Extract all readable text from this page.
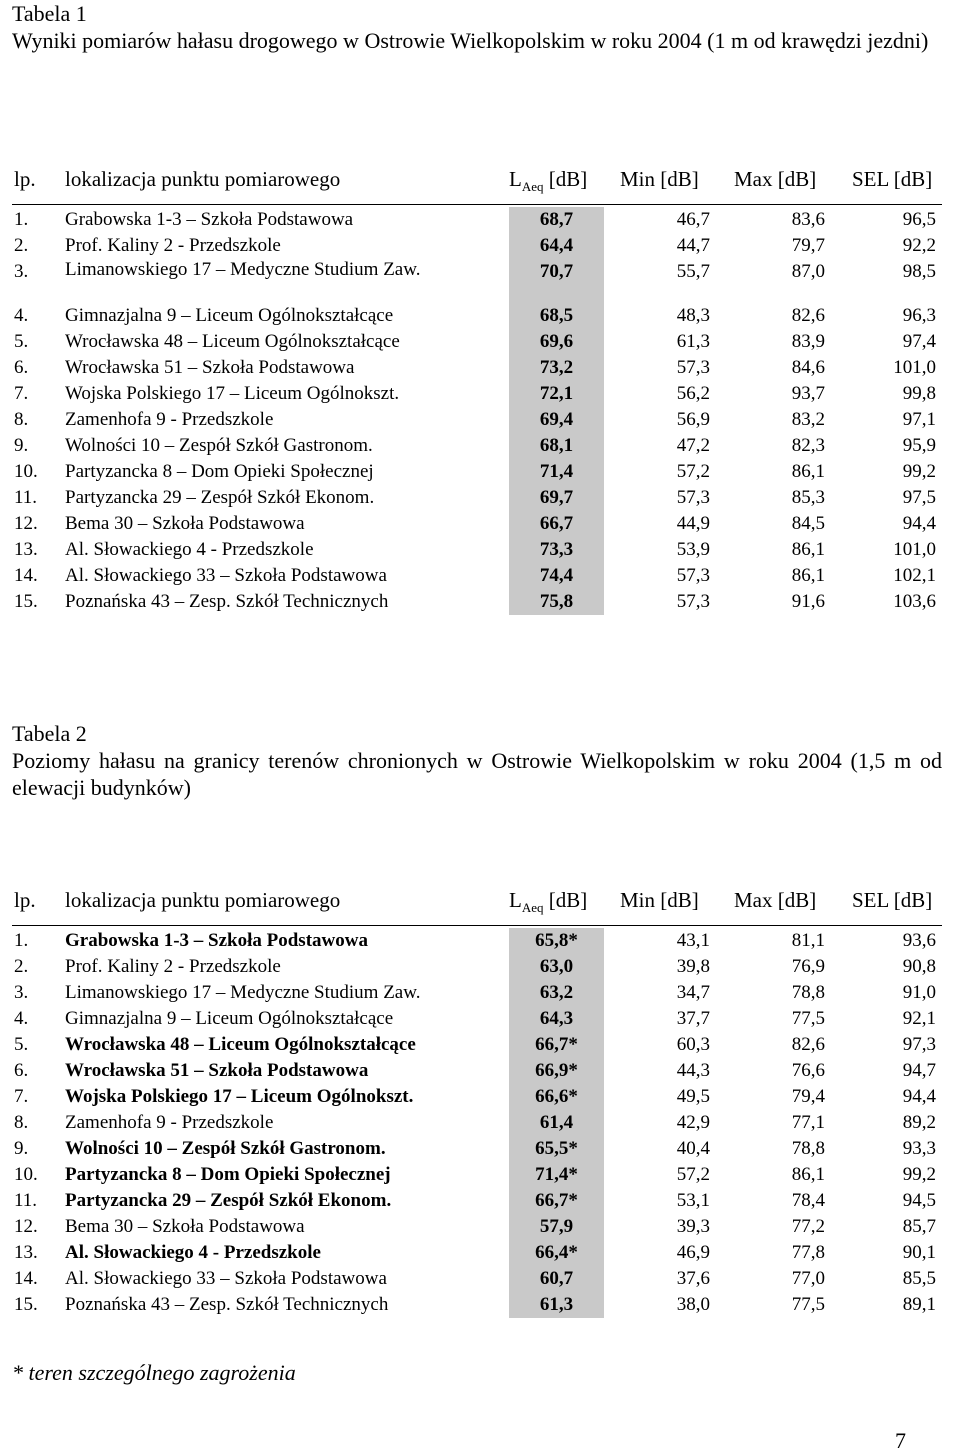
Tabela 1

Wyniki pomiarów hałasu drogowego w Ostrowie Wielkopolskim w roku 2004 (1 m od krawędzi jezdni)

lp. lokalizacja punktu pomiarowego	$L_{Aeq}$ [dB] Min [dB] Max [dB] SEL [dB]
1. Grabowska 1-3 – Szkoła Podstawowa	68,7	46,7	83,6	96,5
2. Prof. Kaliny 2 - Przedszkole	64,4	44,7	79,7	92,2
3. Limanowskiego 17 – Medyczne Studium Zaw.	70,7	55,7	87,0	98,5
4. Gimnazjalna 9 – Liceum Ogólnokształcące	68,5	48,3	82,6	96,3
5. Wrocławska 48 – Liceum Ogólnokształcące	69,6	61,3	83,9	97,4
6. Wrocławska 51 – Szkoła Podstawowa	73,2	57,3	84,6	101,0
7. Wojska Polskiego 17 – Liceum Ogólnokszt.	72,1	56,2	93,7	99,8
8. Zamenhofa 9 - Przedszkole	69,4	56,9	83,2	97,1
9. Wolności 10 – Zespół Szkół Gastronom.	68,1	47,2	82,3	95,9
10. Partyzancka 8 – Dom Opieki Społecznej	71,4	57,2	86,1	99,2
11. Partyzancka 29 – Zespół Szkół Ekonom.	69,7	57,3	85,3	97,5
12. Bema 30 – Szkoła Podstawowa	66,7	44,9	84,5	94,4
13. Al. Słowackiego 4 - Przedszkole	73,3	53,9	86,1	101,0
14. Al. Słowackiego 33 – Szkoła Podstawowa	74,4	57,3	86,1	102,1
15. Poznańska 43 – Zesp. Szkół Technicznych	75,8	57,3	91,6	103,6

Tabela 2

Poziomy hałasu na granicy terenów chronionych w Ostrowie Wielkopolskim w roku 2004 (1,5 m od elewacji budynków)

lp. lokalizacja punktu pomiarowego	$L_{Aeq}$ [dB] Min [dB] Max [dB] SEL [dB]
1. Grabowska 1-3 – Szkoła Podstawowa	65,8*	43,1	81,1	93,6
2. Prof. Kaliny 2 - Przedszkole	63,0	39,8	76,9	90,8
3. Limanowskiego 17 – Medyczne Studium Zaw.	63,2	34,7	78,8	91,0
4. Gimnazjalna 9 – Liceum Ogólnokształcące	64,3	37,7	77,5	92,1
5. Wrocławska 48 – Liceum Ogólnokształcące	66,7*	60,3	82,6	97,3
6. Wrocławska 51 – Szkoła Podstawowa	66,9*	44,3	76,6	94,7
7. Wojska Polskiego 17 – Liceum Ogólnokszt.	66,6*	49,5	79,4	94,4
8. Zamenhofa 9 - Przedszkole	61,4	42,9	77,1	89,2
9. Wolności 10 – Zespół Szkół Gastronom.	65,5*	40,4	78,8	93,3
10. Partyzancka 8 – Dom Opieki Społecznej	71,4*	57,2	86,1	99,2
11. Partyzancka 29 – Zespół Szkół Ekonom.	66,7*	53,1	78,4	94,5
12. Bema 30 – Szkoła Podstawowa	57,9	39,3	77,2	85,7
13. Al. Słowackiego 4 - Przedszkole	66,4*	46,9	77,8	90,1
14. Al. Słowackiego 33 – Szkoła Podstawowa	60,7	37,6	77,0	85,5
15. Poznańska 43 – Zesp. Szkół Technicznych	61,3	38,0	77,5	89,1
* teren szczególnego zagrożenia
7
